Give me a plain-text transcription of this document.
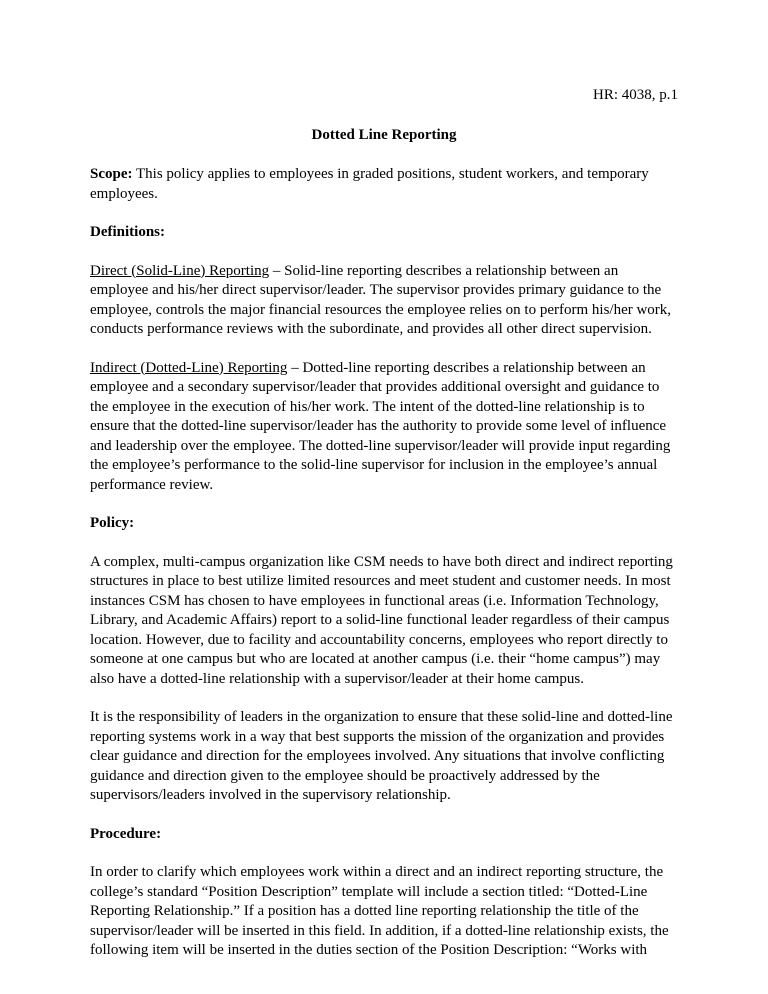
HR: 4038, p.1
Dotted Line Reporting

Scope: This policy applies to employees in graded positions, student workers, and temporary employees.

Definitions:

Direct (Solid-Line) Reporting – Solid-line reporting describes a relationship between an employee and his/her direct supervisor/leader. The supervisor provides primary guidance to the employee, controls the major financial resources the employee relies on to perform his/her work, conducts performance reviews with the subordinate, and provides all other direct supervision.

Indirect (Dotted-Line) Reporting – Dotted-line reporting describes a relationship between an employee and a secondary supervisor/leader that provides additional oversight and guidance to the employee in the execution of his/her work. The intent of the dotted-line relationship is to ensure that the dotted-line supervisor/leader has the authority to provide some level of influence and leadership over the employee. The dotted-line supervisor/leader will provide input regarding the employee’s performance to the solid-line supervisor for inclusion in the employee’s annual performance review.

Policy:

A complex, multi-campus organization like CSM needs to have both direct and indirect reporting structures in place to best utilize limited resources and meet student and customer needs. In most instances CSM has chosen to have employees in functional areas (i.e. Information Technology, Library, and Academic Affairs) report to a solid-line functional leader regardless of their campus location. However, due to facility and accountability concerns, employees who report directly to someone at one campus but who are located at another campus (i.e. their “home campus”) may also have a dotted-line relationship with a supervisor/leader at their home campus.

It is the responsibility of leaders in the organization to ensure that these solid-line and dotted-line reporting systems work in a way that best supports the mission of the organization and provides clear guidance and direction for the employees involved. Any situations that involve conflicting guidance and direction given to the employee should be proactively addressed by the supervisors/leaders involved in the supervisory relationship.

Procedure:

In order to clarify which employees work within a direct and an indirect reporting structure, the college’s standard “Position Description” template will include a section titled: “Dotted-Line Reporting Relationship.” If a position has a dotted line reporting relationship the title of the supervisor/leader will be inserted in this field. In addition, if a dotted-line relationship exists, the following item will be inserted in the duties section of the Position Description: “Works with
